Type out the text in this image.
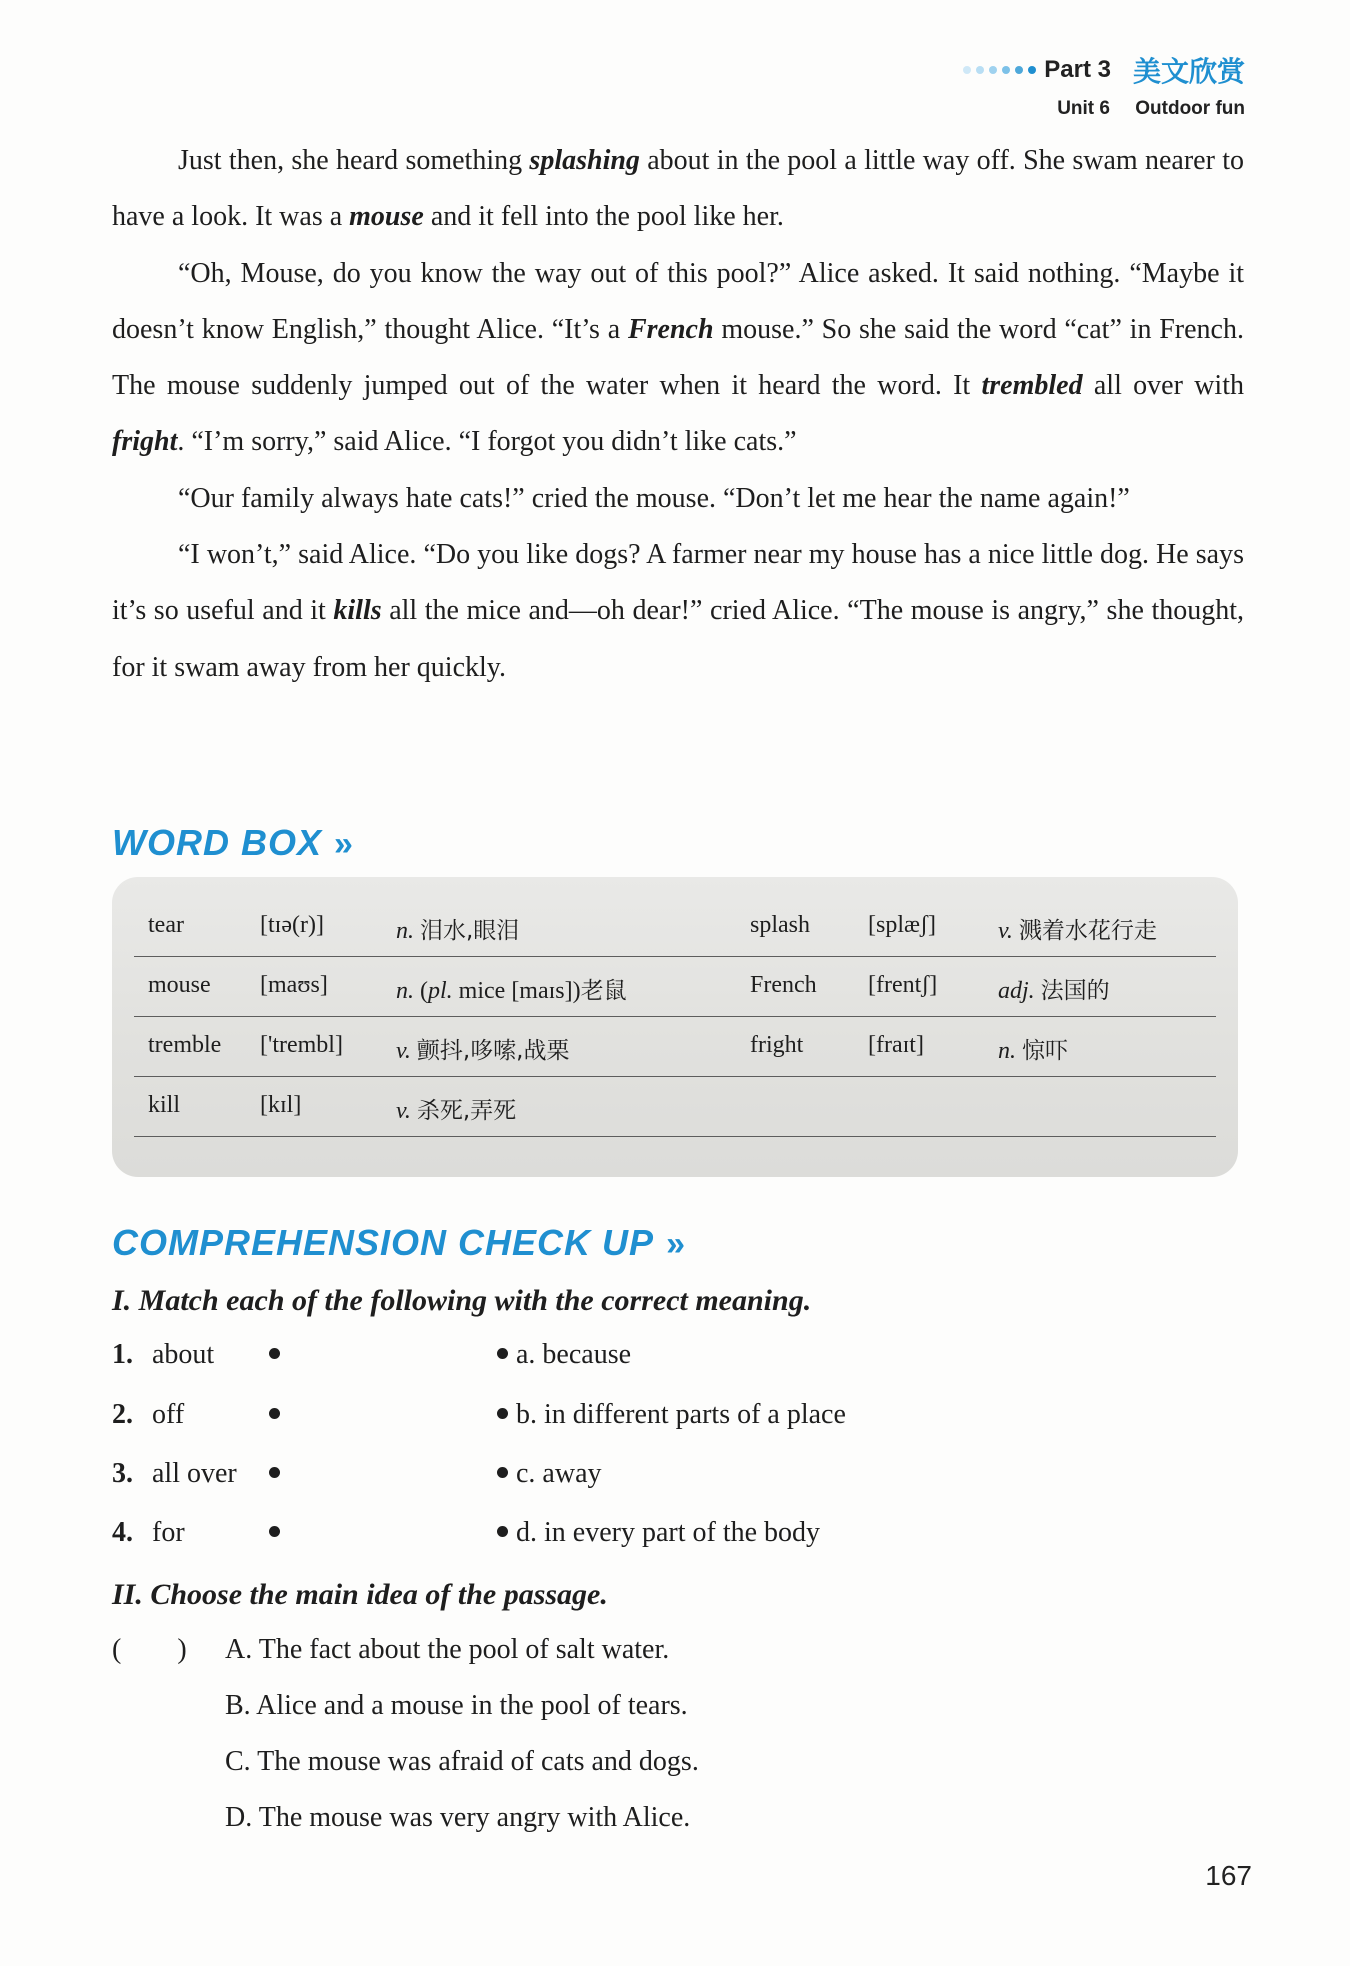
Part 3 美文欣赏
Unit 6 Outdoor fun

Just then, she heard something splashing about in the pool a little way off. She swam nearer to have a look. It was a mouse and it fell into the pool like her.

“Oh, Mouse, do you know the way out of this pool?” Alice asked. It said nothing. “Maybe it doesn’t know English,” thought Alice. “It’s a French mouse.” So she said the word “cat” in French. The mouse suddenly jumped out of the water when it heard the word. It trembled all over with fright. “I’m sorry,” said Alice. “I forgot you didn’t like cats.”

“Our family always hate cats!” cried the mouse. “Don’t let me hear the name again!”

“I won’t,” said Alice. “Do you like dogs? A farmer near my house has a nice little dog. He says it’s so useful and it kills all the mice and—oh dear!” cried Alice. “The mouse is angry,” she thought, for it swam away from her quickly.

WORD BOX »
tear	[tɪə(r)]	n. 泪水,眼泪	splash [splæʃ]	v. 溅着水花行走
mouse [maʊs]	n. (pl. mice [maɪs])老鼠	French [frentʃ]	adj. 法国的
tremble ['trembl] v. 颤抖,哆嗦,战栗	fright	[fraɪt]	n. 惊吓
kill	[kɪl]	v. 杀死,弄死
COMPREHENSION CHECK UP »
I. Match each of the following with the correct meaning.
1. about	a. because
2. off	b. in different parts of a place
3. all over	c. away
4. for	d. in every part of the body
II. Choose the main idea of the passage.
(  ) A. The fact about the pool of salt water.
B. Alice and a mouse in the pool of tears.
C. The mouse was afraid of cats and dogs.
D. The mouse was very angry with Alice.
167
